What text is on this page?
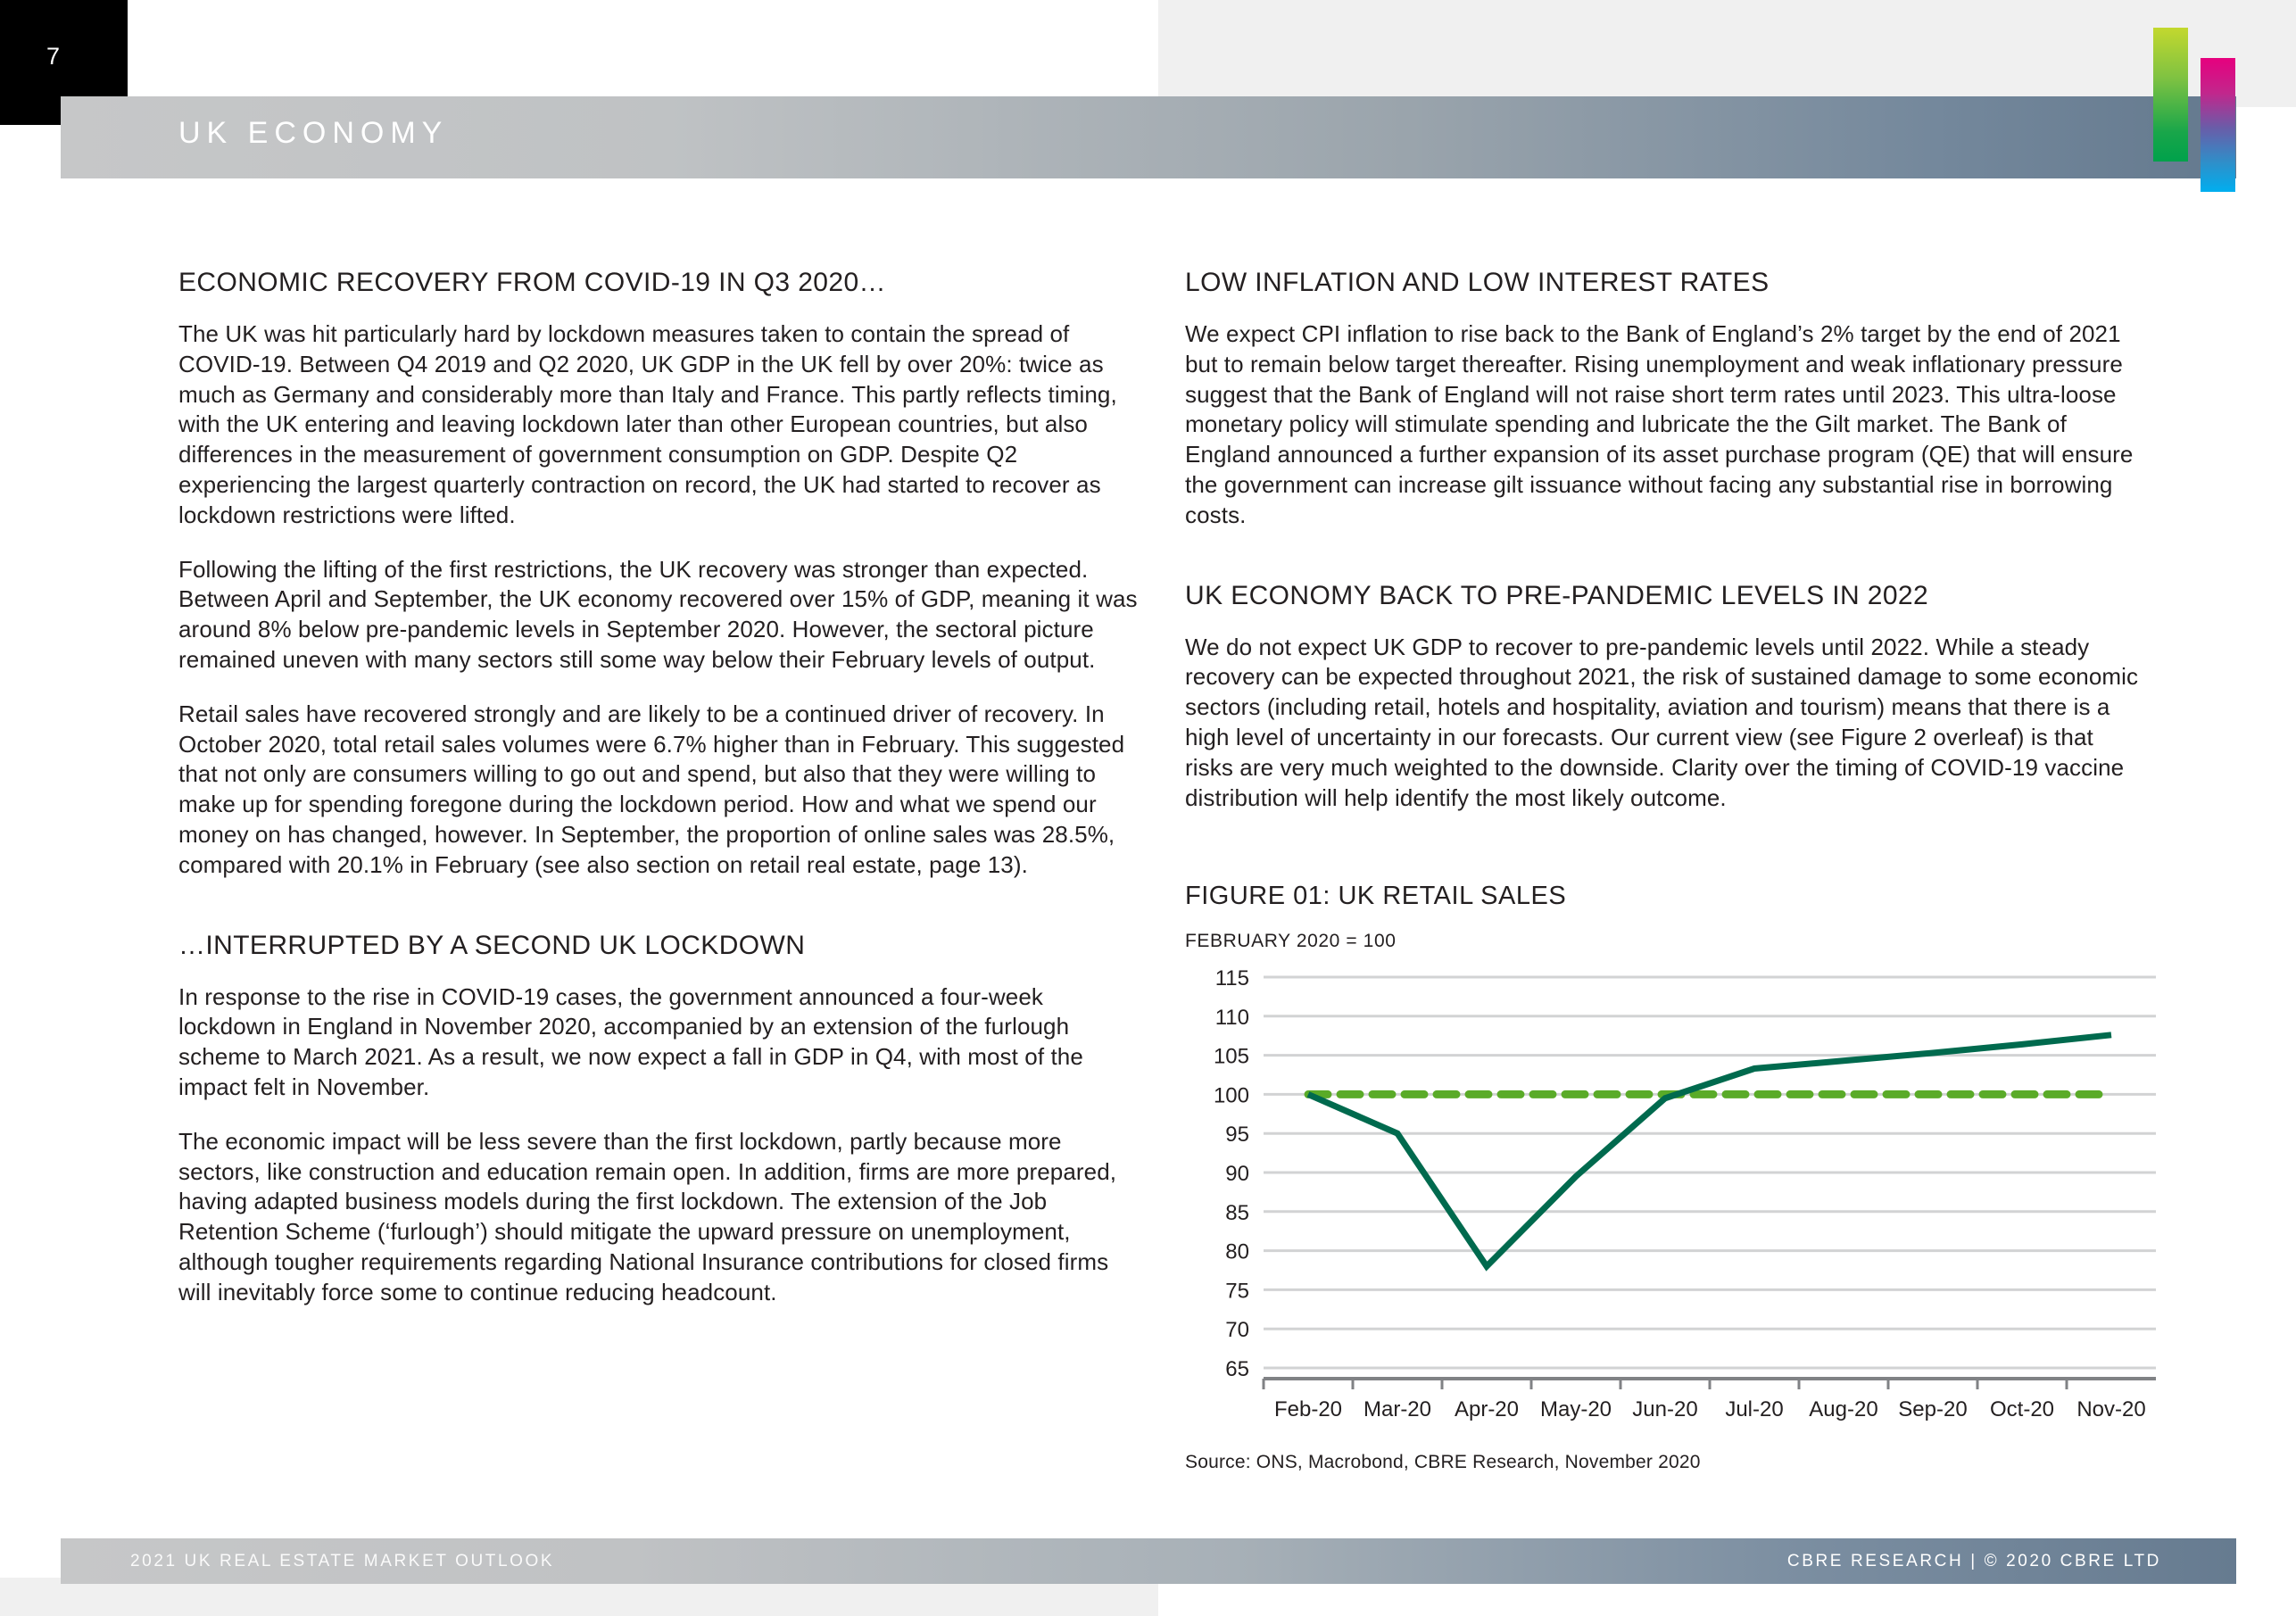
7
UK ECONOMY
ECONOMIC RECOVERY FROM COVID-19 IN Q3 2020…

The UK was hit particularly hard by lockdown measures taken to contain the spread of COVID-19. Between Q4 2019 and Q2 2020, UK GDP in the UK fell by over 20%: twice as much as Germany and considerably more than Italy and France. This partly reflects timing, with the UK entering and leaving lockdown later than other European countries, but also differences in the measurement of government consumption on GDP. Despite Q2 experiencing the largest quarterly contraction on record, the UK had started to recover as lockdown restrictions were lifted.

Following the lifting of the first restrictions, the UK recovery was stronger than expected. Between April and September, the UK economy recovered over 15% of GDP, meaning it was around 8% below pre-pandemic levels in September 2020. However, the sectoral picture remained uneven with many sectors still some way below their February levels of output.

Retail sales have recovered strongly and are likely to be a continued driver of recovery. In October 2020, total retail sales volumes were 6.7% higher than in February. This suggested that not only are consumers willing to go out and spend, but also that they were willing to make up for spending foregone during the lockdown period. How and what we spend our money on has changed, however. In September, the proportion of online sales was 28.5%, compared with 20.1% in February (see also section on retail real estate, page 13).

…INTERRUPTED BY A SECOND UK LOCKDOWN

In response to the rise in COVID-19 cases, the government announced a four-week lockdown in England in November 2020, accompanied by an extension of the furlough scheme to March 2021. As a result, we now expect a fall in GDP in Q4, with most of the impact felt in November.

The economic impact will be less severe than the first lockdown, partly because more sectors, like construction and education remain open. In addition, firms are more prepared, having adapted business models during the first lockdown. The extension of the Job Retention Scheme (‘furlough’) should mitigate the upward pressure on unemployment, although tougher requirements regarding National Insurance contributions for closed firms will inevitably force some to continue reducing headcount.

LOW INFLATION AND LOW INTEREST RATES

We expect CPI inflation to rise back to the Bank of England’s 2% target by the end of 2021 but to remain below target thereafter. Rising unemployment and weak inflationary pressure suggest that the Bank of England will not raise short term rates until 2023. This ultra-loose monetary policy will stimulate spending and lubricate the the Gilt market. The Bank of England announced a further expansion of its asset purchase program (QE) that will ensure the government can increase gilt issuance without facing any substantial rise in borrowing costs.

UK ECONOMY BACK TO PRE-PANDEMIC LEVELS IN 2022

We do not expect UK GDP to recover to pre-pandemic levels until 2022. While a steady recovery can be expected throughout 2021, the risk of sustained damage to some economic sectors (including retail, hotels and hospitality, aviation and tourism) means that there is a high level of uncertainty in our forecasts. Our current view (see Figure 2 overleaf) is that risks are very much weighted to the downside. Clarity over the timing of COVID-19 vaccine distribution will help identify the most likely outcome.

FIGURE 01: UK RETAIL SALES
FEBRUARY 2020 = 100
65
70
75
80
85
90
95
100
105
110
115
Feb-20 Mar-20 Apr-20 May-20 Jun-20 Jul-20 Aug-20 Sep-20 Oct-20 Nov-20
Source: ONS, Macrobond, CBRE Research, November 2020
2021 UK REAL ESTATE MARKET OUTLOOK	CBRE RESEARCH | © 2020 CBRE LTD
